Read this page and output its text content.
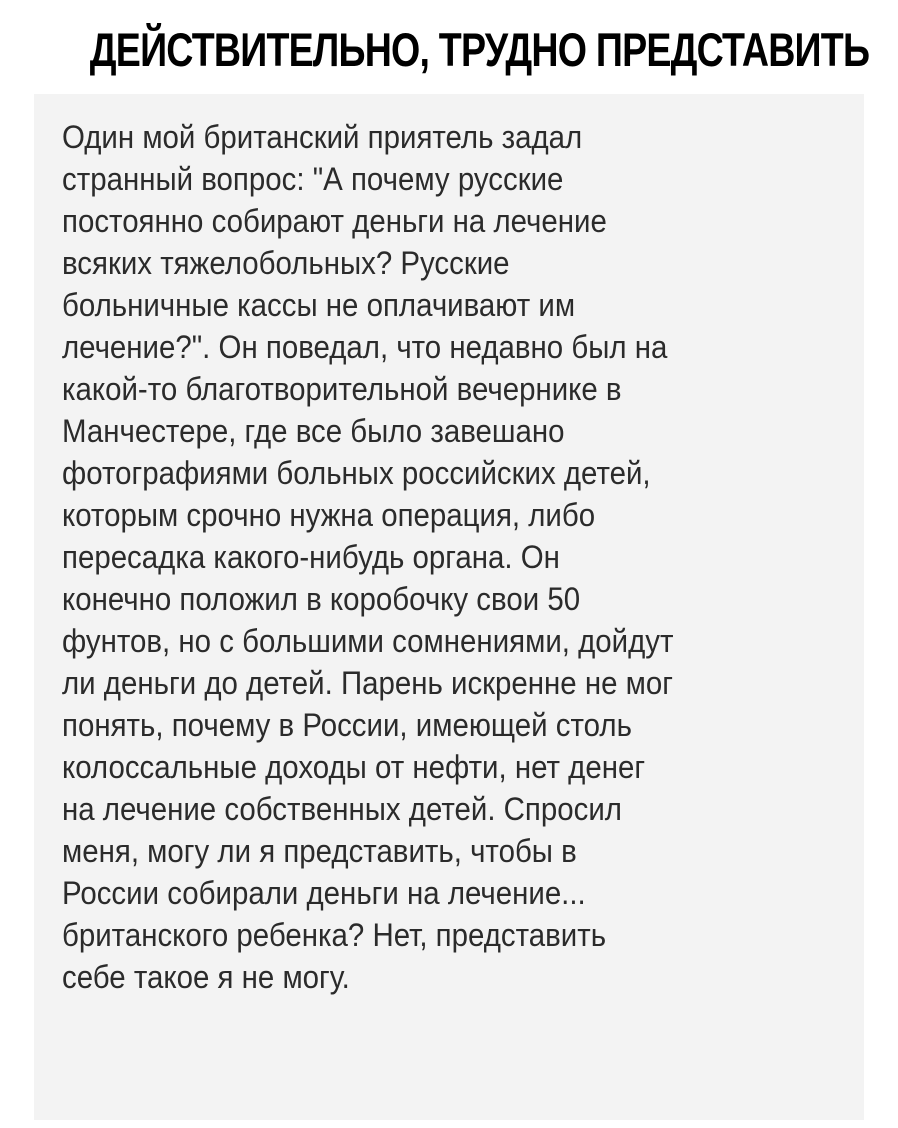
ДЕЙСТВИТЕЛЬНО, ТРУДНО ПРЕДСТАВИТЬ
Один мой британский приятель задал
странный вопрос: "А почему русские
постоянно собирают деньги на лечение
всяких тяжелобольных? Русские
больничные кассы не оплачивают им
лечение?". Он поведал, что недавно был на
какой-то благотворительной вечернике в
Манчестере, где все было завешано
фотографиями больных российских детей,
которым срочно нужна операция, либо
пересадка какого-нибудь органа. Он
конечно положил в коробочку свои 50
фунтов, но с большими сомнениями, дойдут
ли деньги до детей. Парень искренне не мог
понять, почему в России, имеющей столь
колоссальные доходы от нефти, нет денег
на лечение собственных детей. Спросил
меня, могу ли я представить, чтобы в
России собирали деньги на лечение...
британского ребенка? Нет, представить
себе такое я не могу.
